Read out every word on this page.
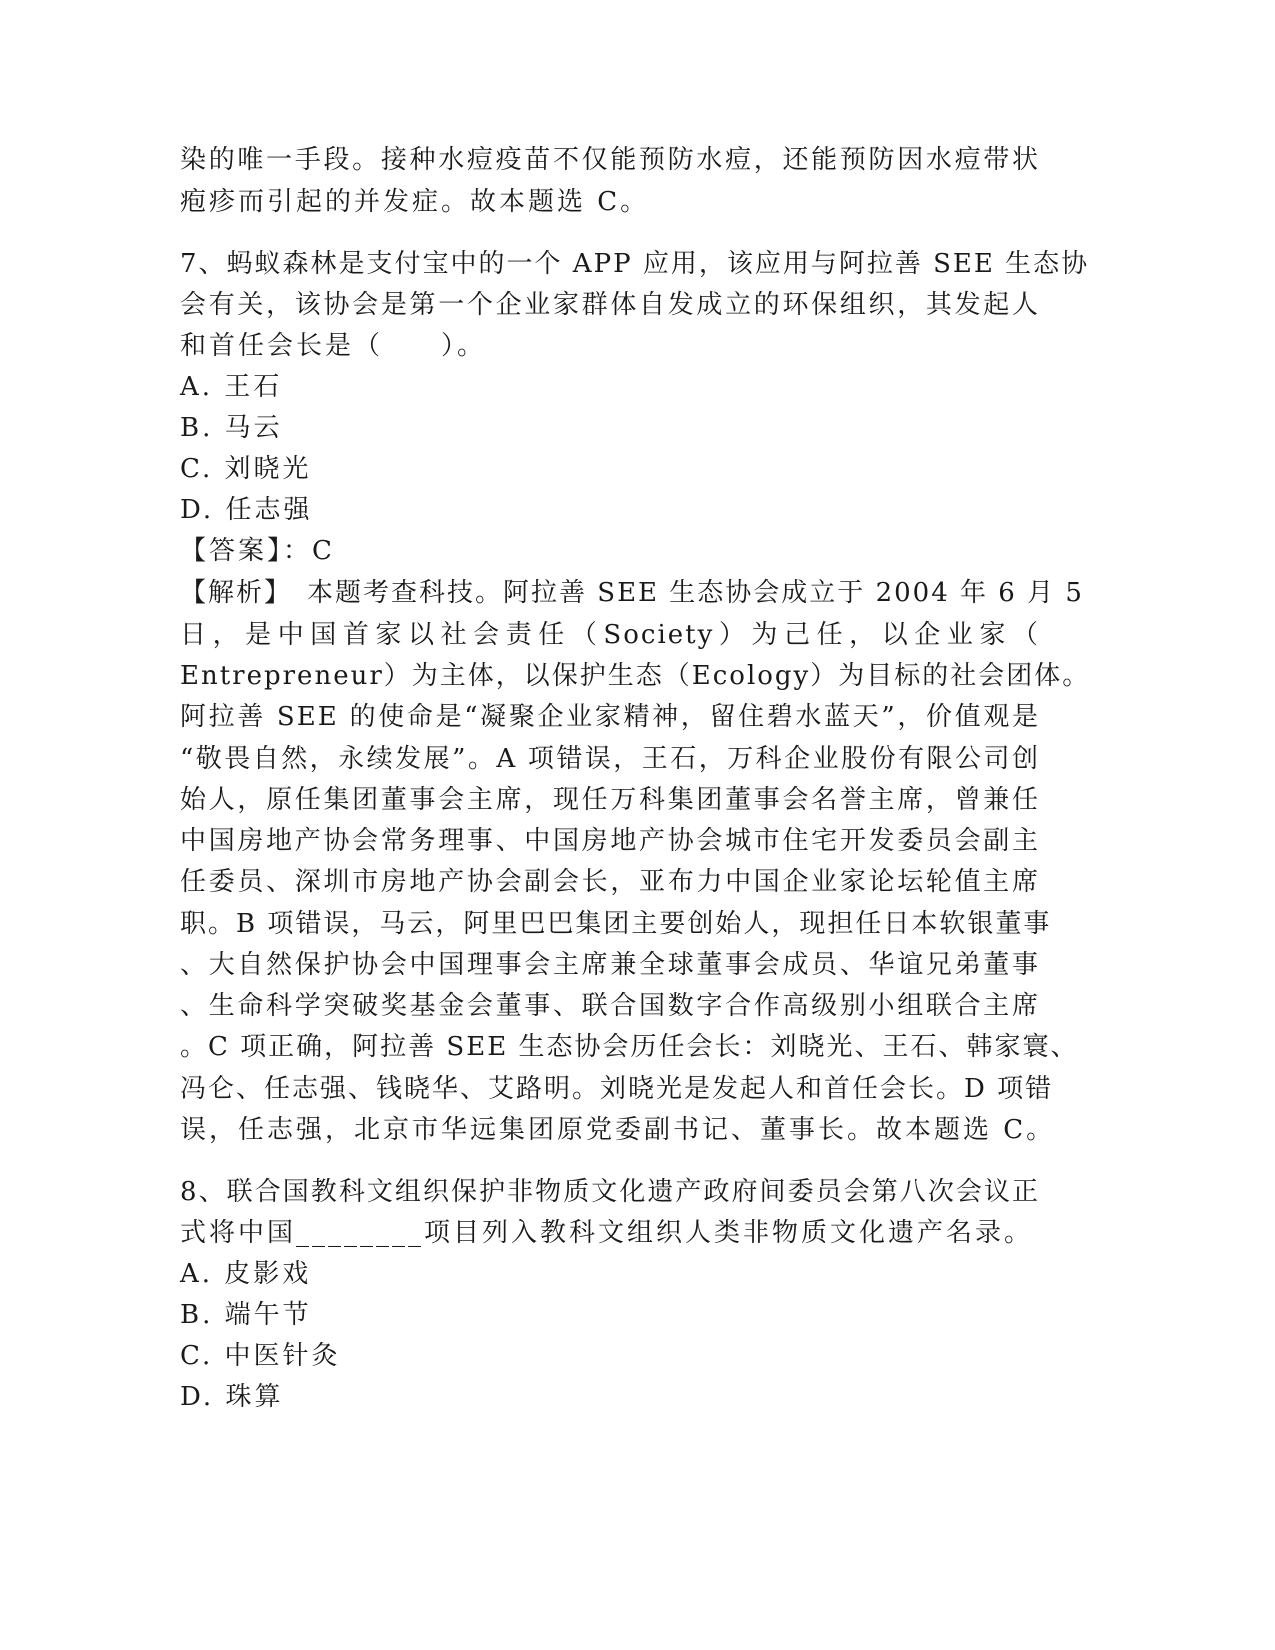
染的唯一手段。接种水痘疫苗不仅能预防水痘，还能预防因水痘带状
疱疹而引起的并发症。故本题选 C。
7、蚂蚁森林是支付宝中的一个 APP 应用，该应用与阿拉善 SEE 生态协
会有关，该协会是第一个企业家群体自发成立的环保组织，其发起人
和首任会长是（　　）。
A. 王石
B. 马云
C. 刘晓光
D. 任志强
【答案】：C
【解析】　本题考查科技。阿拉善 SEE 生态协会成立于 2004 年 6 月 5
日，是中国首家以社会责任（Society）为己任，以企业家（
Entrepreneur）为主体，以保护生态（Ecology）为目标的社会团体。
阿拉善 SEE 的使命是“凝聚企业家精神，留住碧水蓝天”，价值观是
“敬畏自然，永续发展”。A 项错误，王石，万科企业股份有限公司创
始人，原任集团董事会主席，现任万科集团董事会名誉主席，曾兼任
中国房地产协会常务理事、中国房地产协会城市住宅开发委员会副主
任委员、深圳市房地产协会副会长，亚布力中国企业家论坛轮值主席
职。B 项错误，马云，阿里巴巴集团主要创始人，现担任日本软银董事
、大自然保护协会中国理事会主席兼全球董事会成员、华谊兄弟董事
、生命科学突破奖基金会董事、联合国数字合作高级别小组联合主席
。C 项正确，阿拉善 SEE 生态协会历任会长：刘晓光、王石、韩家寰、
冯仑、任志强、钱晓华、艾路明。刘晓光是发起人和首任会长。D 项错
误，任志强，北京市华远集团原党委副书记、董事长。故本题选 C。
8、联合国教科文组织保护非物质文化遗产政府间委员会第八次会议正
式将中国________项目列入教科文组织人类非物质文化遗产名录。
A. 皮影戏
B. 端午节
C. 中医针灸
D. 珠算
